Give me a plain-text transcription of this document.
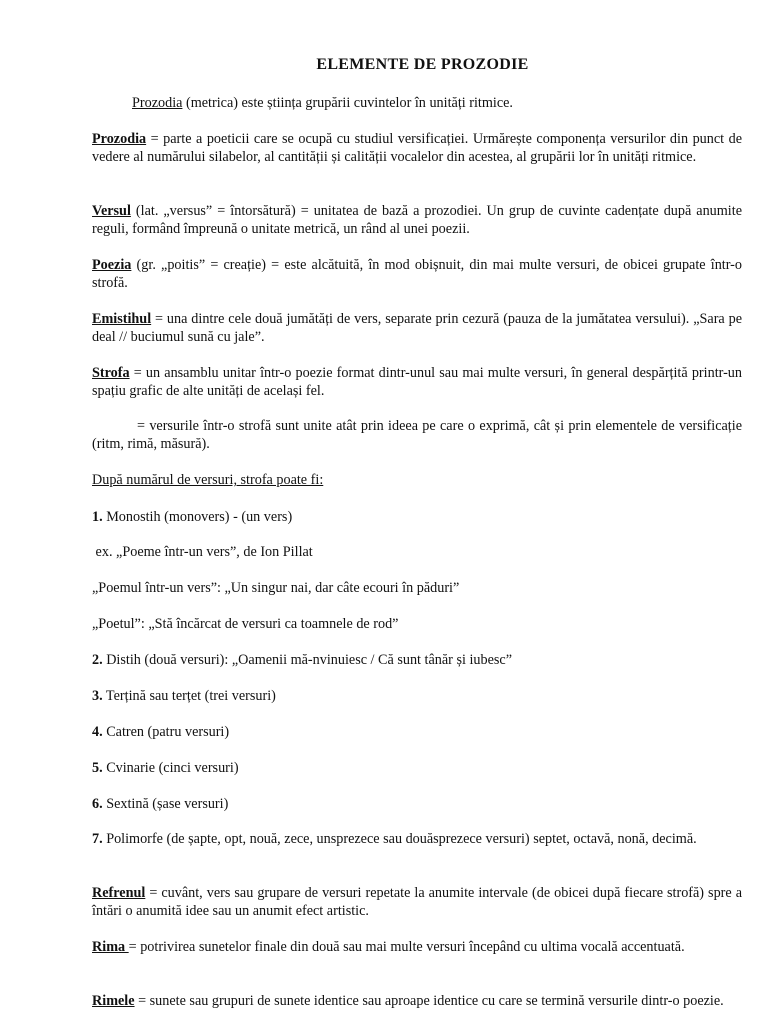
ELEMENTE DE PROZODIE
Prozodia (metrica) este știința grupării cuvintelor în unități ritmice.
Prozodia = parte a poeticii care se ocupă cu studiul versificației. Urmărește componența versurilor din punct de vedere al numărului silabelor, al cantității și calității vocalelor din acestea, al grupării lor în unități ritmice.
Versul (lat. „versus” = întorsătură) = unitatea de bază a prozodiei. Un grup de cuvinte cadențate după anumite reguli, formând împreună o unitate metrică, un rând al unei poezii.
Poezia (gr. „poitis” = creație) = este alcătuită, în mod obișnuit, din mai multe versuri, de obicei grupate într-o strofă.
Emistihul = una dintre cele două jumătăți de vers, separate prin cezură (pauza de la jumătatea versului). „Sara pe deal // buciumul sună cu jale”.
Strofa = un ansamblu unitar într-o poezie format dintr-unul sau mai multe versuri, în general despărțită printr-un spațiu grafic de alte unități de același fel.
= versurile într-o strofă sunt unite atât prin ideea pe care o exprimă, cât și prin elementele de versificație (ritm, rimă, măsură).
După numărul de versuri, strofa poate fi:
1. Monostih (monovers) - (un vers)
ex. „Poeme într-un vers”, de Ion Pillat
„Poemul într-un vers”: „Un singur nai, dar câte ecouri în păduri”
„Poetul”: „Stă încărcat de versuri ca toamnele de rod”
2. Distih (două versuri): „Oamenii mă-nvinuiesc / Că sunt tânăr și iubesc”
3. Terțină sau terțet (trei versuri)
4. Catren (patru versuri)
5. Cvinarie (cinci versuri)
6. Sextină (șase versuri)
7. Polimorfe (de șapte, opt, nouă, zece, unsprezece sau douăsprezece versuri) septet, octavă, nonă, decimă.
Refrenul = cuvânt, vers sau grupare de versuri repetate la anumite intervale (de obicei după fiecare strofă) spre a întări o anumită idee sau un anumit efect artistic.
Rima = potrivirea sunetelor finale din două sau mai multe versuri începând cu ultima vocală accentuată.
Rimele = sunete sau grupuri de sunete identice sau aproape identice cu care se termină versurile dintr-o poezie.
